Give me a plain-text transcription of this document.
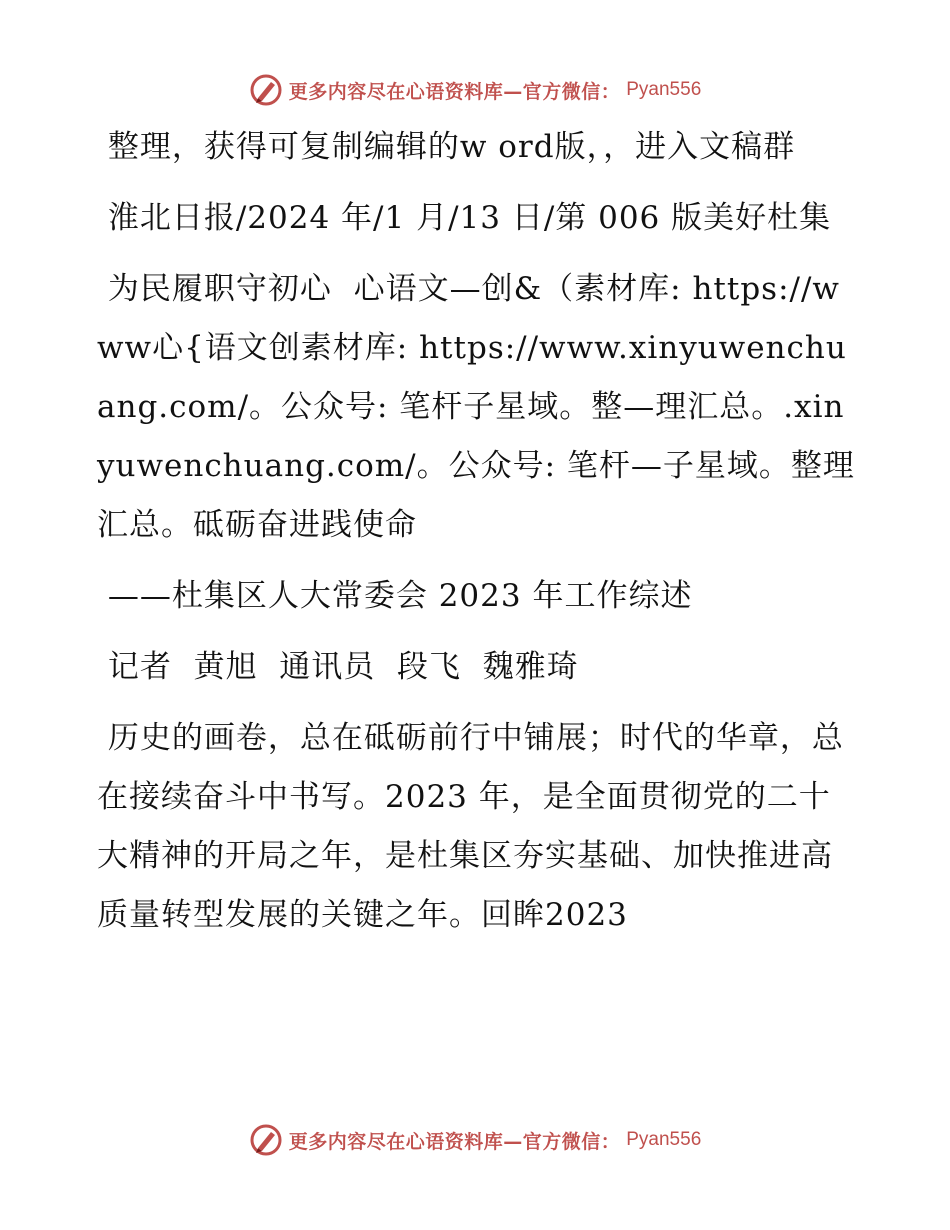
更多内容尽在心语资料库—官方微信： Pyan556

整理，获得可复制编辑的w ord版，，进入文稿群

淮北日报/2024 年/1 月/13 日/第 006 版美好杜集

为民履职守初心  心语文—创&（素材库: https://www心{语文创素材库: https://www.xinyuwenchuang.com/。公众号: 笔杆子星域。整—理汇总。.xinyuwenchuang.com/。公众号: 笔杆—子星域。整理汇总。砥砺奋进践使命

——杜集区人大常委会 2023 年工作综述

记者  黄旭  通讯员  段飞  魏雅琦

历史的画卷，总在砥砺前行中铺展；时代的华章，总在接续奋斗中书写。2023 年，是全面贯彻党的二十大精神的开局之年，是杜集区夯实基础、加快推进高质量转型发展的关键之年。回眸2023

更多内容尽在心语资料库—官方微信： Pyan556
